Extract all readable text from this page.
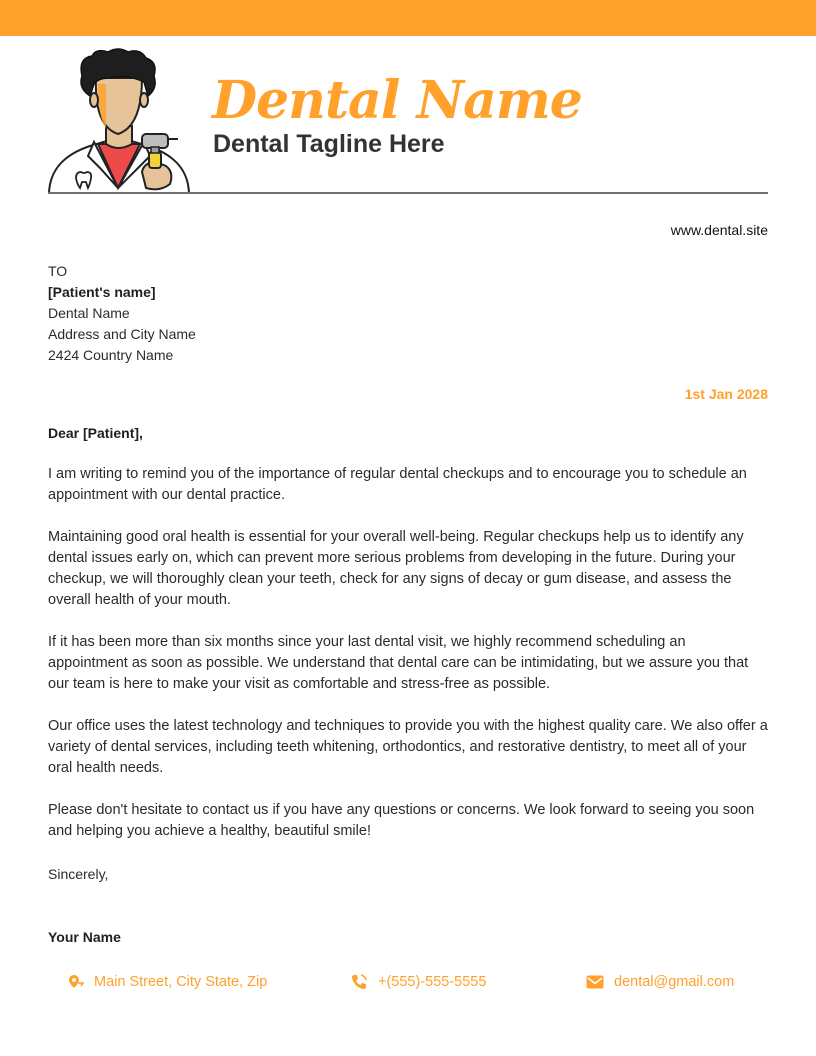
Dental Name
Dental Tagline Here
www.dental.site
TO
[Patient's name]
Dental Name
Address and City Name
2424 Country Name
1st Jan 2028
Dear [Patient],

I am writing to remind you of the importance of regular dental checkups and to encourage you to schedule an appointment with our dental practice.

Maintaining good oral health is essential for your overall well-being. Regular checkups help us to identify any dental issues early on, which can prevent more serious problems from developing in the future. During your checkup, we will thoroughly clean your teeth, check for any signs of decay or gum disease, and assess the overall health of your mouth.

If it has been more than six months since your last dental visit, we highly recommend scheduling an appointment as soon as possible. We understand that dental care can be intimidating, but we assure you that our team is here to make your visit as comfortable and stress-free as possible.

Our office uses the latest technology and techniques to provide you with the highest quality care. We also offer a variety of dental services, including teeth whitening, orthodontics, and restorative dentistry, to meet all of your oral health needs.

Please don't hesitate to contact us if you have any questions or concerns. We look forward to seeing you soon and helping you achieve a healthy, beautiful smile!

Sincerely,
Your Name
Main Street, City State, Zip	+(555)-555-5555	dental@gmail.com
